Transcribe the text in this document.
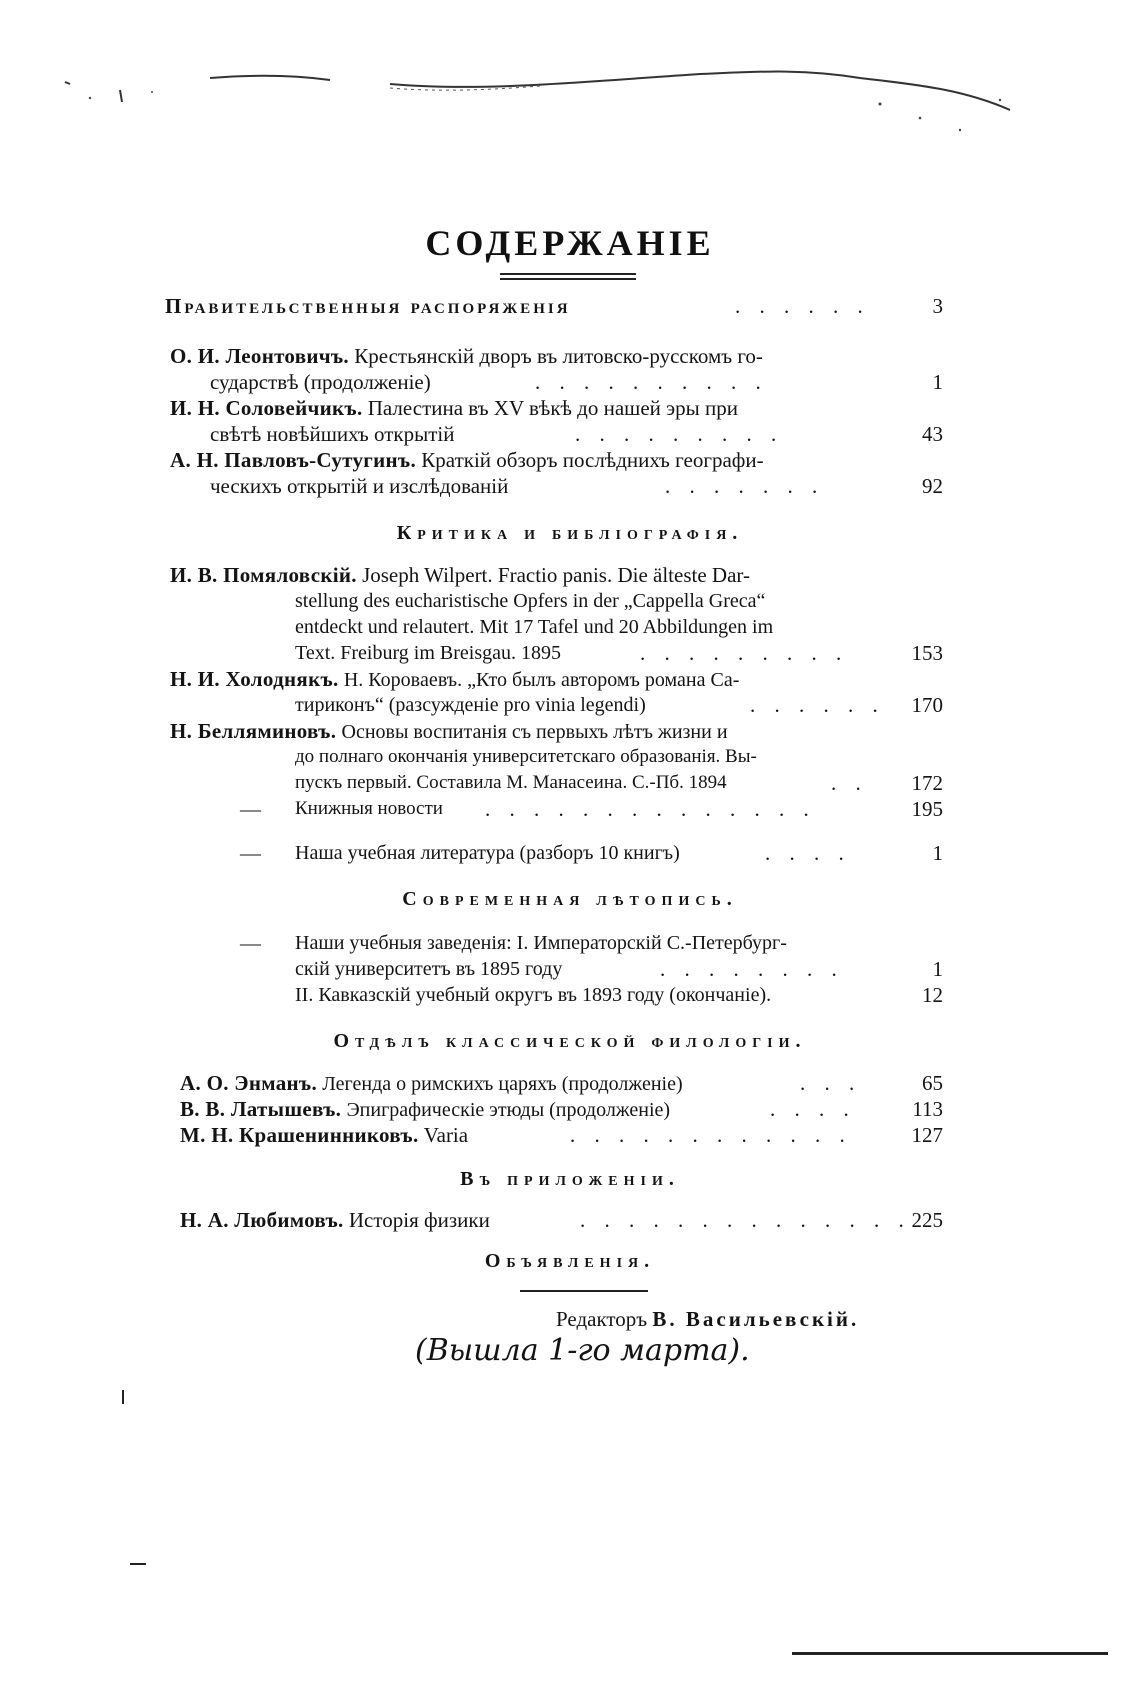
СОДЕРЖАНIЕ
Правительственныя распоряженiя	. . . . . .	3
О. И. Леонтовичъ. Крестьянскiй дворъ въ литовско-русскомъ го-
сударствѣ (продолженiе)	. . . . . . . . . .	1
И. Н. Соловейчикъ. Палестина въ XV вѣкѣ до нашей эры при
свѣтѣ новѣйшихъ открытiй	. . . . . . . . .	43
А. Н. Павловъ-Сутугинъ. Краткiй обзоръ послѣднихъ географи-
ческихъ открытiй и изслѣдованiй	. . . . . . .	92
Критика и библiографiя.
И. В. Помяловскiй. Joseph Wilpert. Fractio panis. Die älteste Dar-
stellung des eucharistische Opfers in der „Cappella Greca“
entdeckt und relautert. Mit 17 Tafel und 20 Abbildungen im
Text. Freiburg im Breisgau. 1895	. . . . . . . . .	153
Н. И. Холоднякъ. Н. Коровaевъ. „Кто былъ авторомъ романа Са-
тириконъ“ (разсужденiе pro vinia legendi)	. . . . . .	170
Н. Белляминовъ. Основы воспитанiя съ первыхъ лѣтъ жизни и
до полнаго окончанiя университетскаго образованiя. Вы-
пускъ первый. Составила М. Манасеина. С.-Пб. 1894	. .	172
— Книжныя новости . . . . . . . . . . . . . .	195
— Наша учебная литература (разборъ 10 книгъ)	. . . .	1
Современная лѣтопись.
— Наши учебныя заведенiя: I. Императорскiй С.-Петербург-
скiй университетъ въ 1895 году	. . . . . . . .	1
II. Кавказскiй учебный округъ въ 1893 году (окончанiе).	12
Отдѣлъ классической филологiи.
А. О. Энманъ. Легенда о римскихъ царяхъ (продолженiе)	. . .	65
В. В. Латышевъ. Эпиграфическiе этюды (продолженiе)	. . . .	113
М. Н. Крашенинниковъ. Varia	. . . . . . . . . . . .	127
Въ приложенiи.
Н. А. Любимовъ. Исторiя физики	. . . . . . . . . . . . . . 225
Объявленiя.
Редакторъ В. Васильевскiй.
(Вышла 1-го марта).
